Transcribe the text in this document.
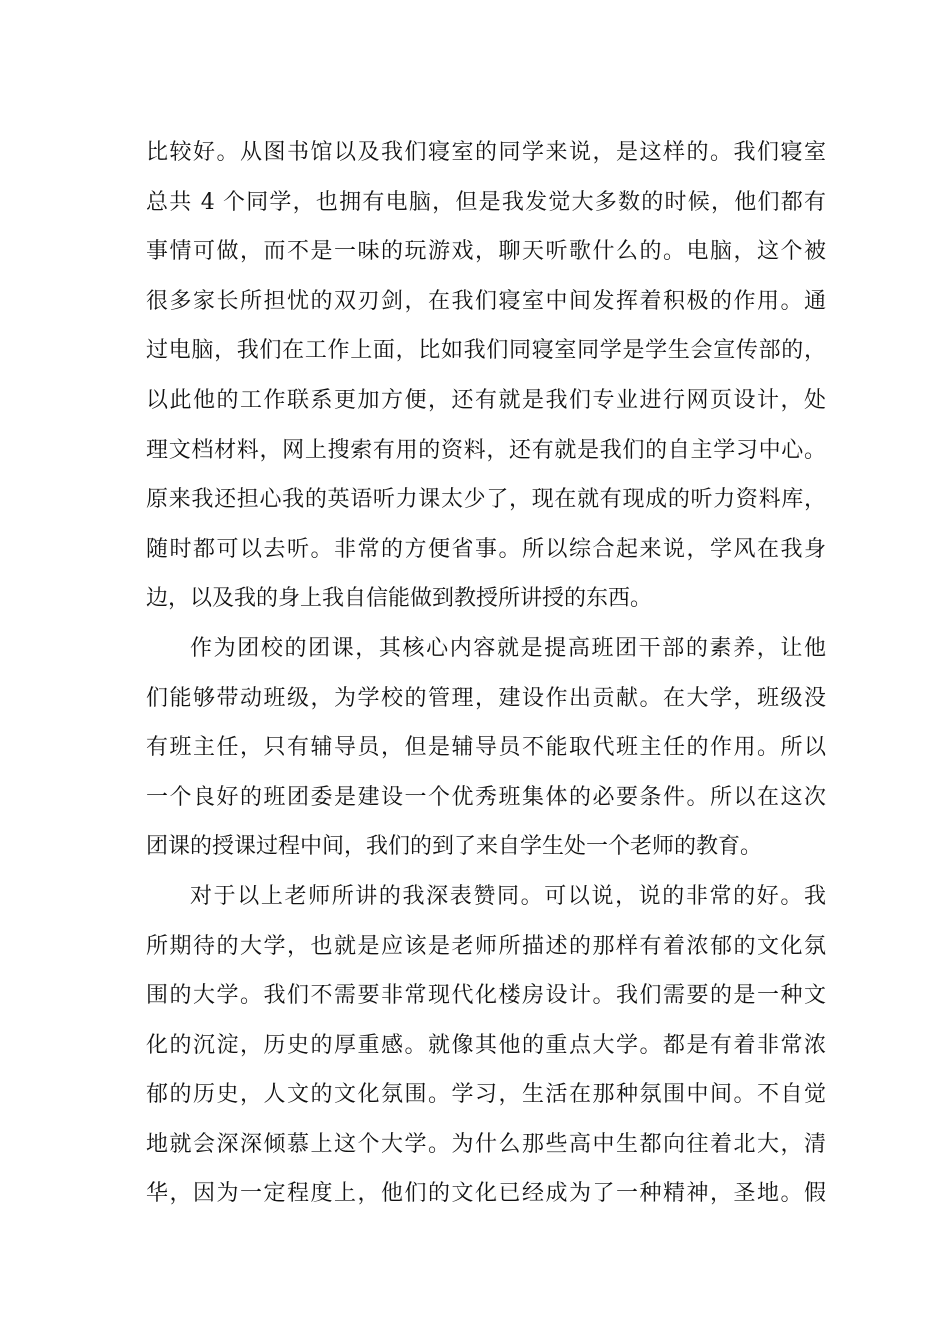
比较好。从图书馆以及我们寝室的同学来说，是这样的。我们寝室
总共 4 个同学，也拥有电脑，但是我发觉大多数的时候，他们都有
事情可做，而不是一味的玩游戏，聊天听歌什么的。电脑，这个被
很多家长所担忧的双刃剑，在我们寝室中间发挥着积极的作用。通
过电脑，我们在工作上面，比如我们同寝室同学是学生会宣传部的，
以此他的工作联系更加方便，还有就是我们专业进行网页设计，处
理文档材料，网上搜索有用的资料，还有就是我们的自主学习中心。
原来我还担心我的英语听力课太少了，现在就有现成的听力资料库，
随时都可以去听。非常的方便省事。所以综合起来说，学风在我身
边，以及我的身上我自信能做到教授所讲授的东西。
作为团校的团课，其核心内容就是提高班团干部的素养，让他
们能够带动班级，为学校的管理，建设作出贡献。在大学，班级没
有班主任，只有辅导员，但是辅导员不能取代班主任的作用。所以
一个良好的班团委是建设一个优秀班集体的必要条件。所以在这次
团课的授课过程中间，我们的到了来自学生处一个老师的教育。
对于以上老师所讲的我深表赞同。可以说，说的非常的好。我
所期待的大学，也就是应该是老师所描述的那样有着浓郁的文化氛
围的大学。我们不需要非常现代化楼房设计。我们需要的是一种文
化的沉淀，历史的厚重感。就像其他的重点大学。都是有着非常浓
郁的历史，人文的文化氛围。学习，生活在那种氛围中间。不自觉
地就会深深倾慕上这个大学。为什么那些高中生都向往着北大，清
华，因为一定程度上，他们的文化已经成为了一种精神，圣地。假
